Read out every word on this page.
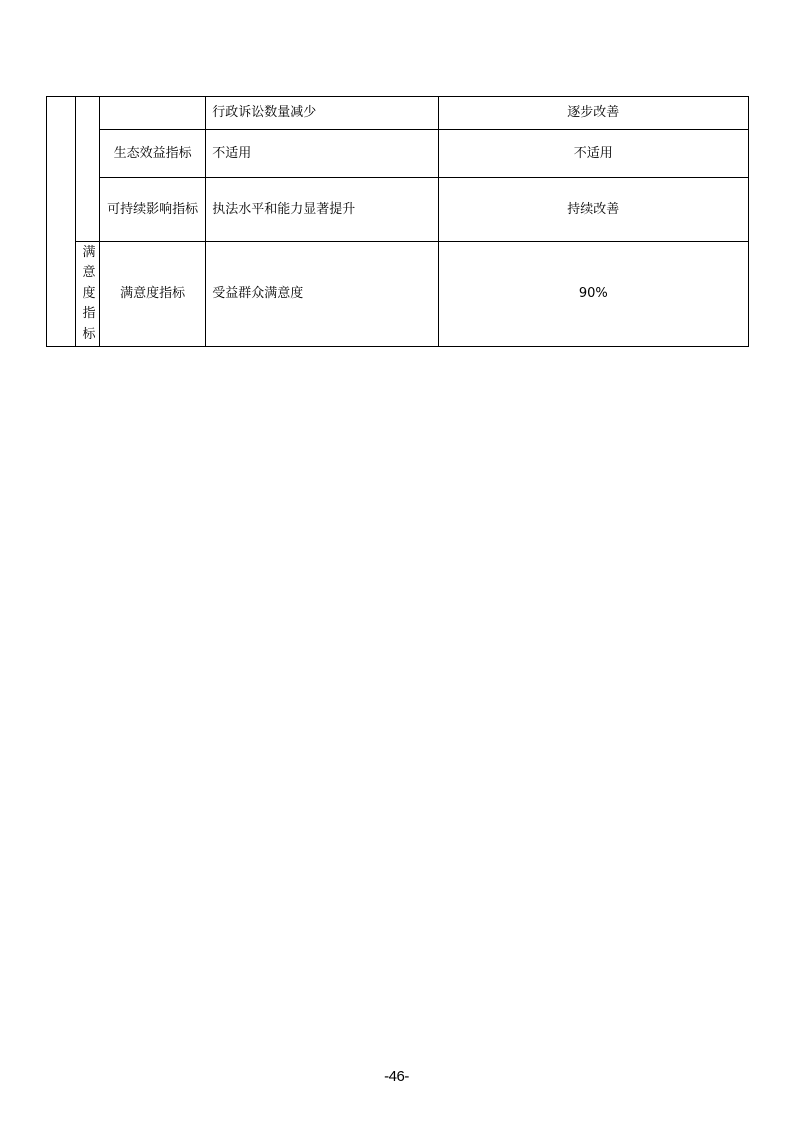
			行政诉讼数量减少	逐步改善
		生态效益指标	不适用	不适用

		可持续影响指标	执法水平和能力显著提升	持续改善

	满意度指标	满意度指标	受益群众满意度	90%
-46-
